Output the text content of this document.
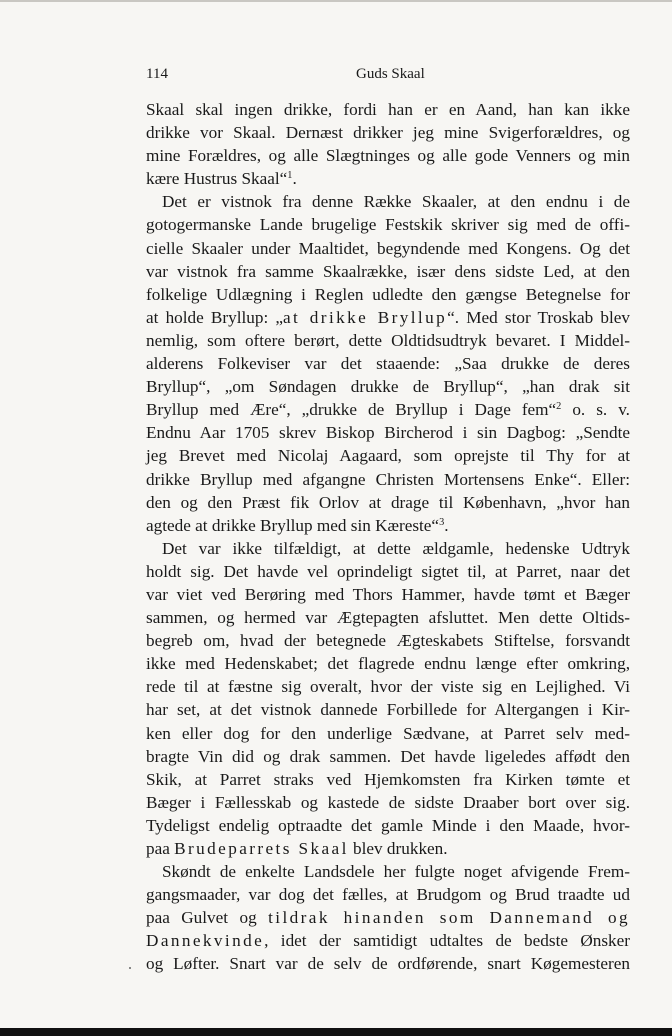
114	Guds Skaal
Skaal skal ingen drikke, fordi han er en Aand, han kan ikke
drikke vor Skaal. Dernæst drikker jeg mine Svigerforældres, og
mine Forældres, og alle Slægtninges og alle gode Venners og min
kære Hustrus Skaal“$^1$.
Det er vistnok fra denne Række Skaaler, at den endnu i de
gotogermanske Lande brugelige Festskik skriver sig med de offi-
cielle Skaaler under Maaltidet, begyndende med Kongens. Og det
var vistnok fra samme Skaalrække, især dens sidste Led, at den
folkelige Udlægning i Reglen udledte den gængse Betegnelse for
at holde Bryllup: „at drikke Bryllup“. Med stor Troskab blev
nemlig, som oftere berørt, dette Oldtidsudtryk bevaret. I Middel-
alderens Folkeviser var det staaende: „Saa drukke de deres
Bryllup“, „om Søndagen drukke de Bryllup“, „han drak sit
Bryllup med Ære“, „drukke de Bryllup i Dage fem“$^2$ o. s. v.
Endnu Aar 1705 skrev Biskop Bircherod i sin Dagbog: „Sendte
jeg Brevet med Nicolaj Aagaard, som oprejste til Thy for at
drikke Bryllup med afgangne Christen Mortensens Enke“. Eller:
den og den Præst fik Orlov at drage til København, „hvor han
agtede at drikke Bryllup med sin Kæreste“$^3$.
Det var ikke tilfældigt, at dette ældgamle, hedenske Udtryk
holdt sig. Det havde vel oprindeligt sigtet til, at Parret, naar det
var viet ved Berøring med Thors Hammer, havde tømt et Bæger
sammen, og hermed var Ægtepagten afsluttet. Men dette Oltids-
begreb om, hvad der betegnede Ægteskabets Stiftelse, forsvandt
ikke med Hedenskabet; det flagrede endnu længe efter omkring,
rede til at fæstne sig overalt, hvor der viste sig en Lejlighed. Vi
har set, at det vistnok dannede Forbillede for Altergangen i Kir-
ken eller dog for den underlige Sædvane, at Parret selv med-
bragte Vin did og drak sammen. Det havde ligeledes affødt den
Skik, at Parret straks ved Hjemkomsten fra Kirken tømte et
Bæger i Fællesskab og kastede de sidste Draaber bort over sig.
Tydeligst endelig optraadte det gamle Minde i den Maade, hvor-
paa Brudeparrets Skaal blev drukken.
Skøndt de enkelte Landsdele her fulgte noget afvigende Frem-
gangsmaader, var dog det fælles, at Brudgom og Brud traadte ud
paa Gulvet og tildrak hinanden som Dannemand og
Dannekvinde, idet der samtidigt udtaltes de bedste Ønsker
og Løfter. Snart var de selv de ordførende, snart Køgemesteren
